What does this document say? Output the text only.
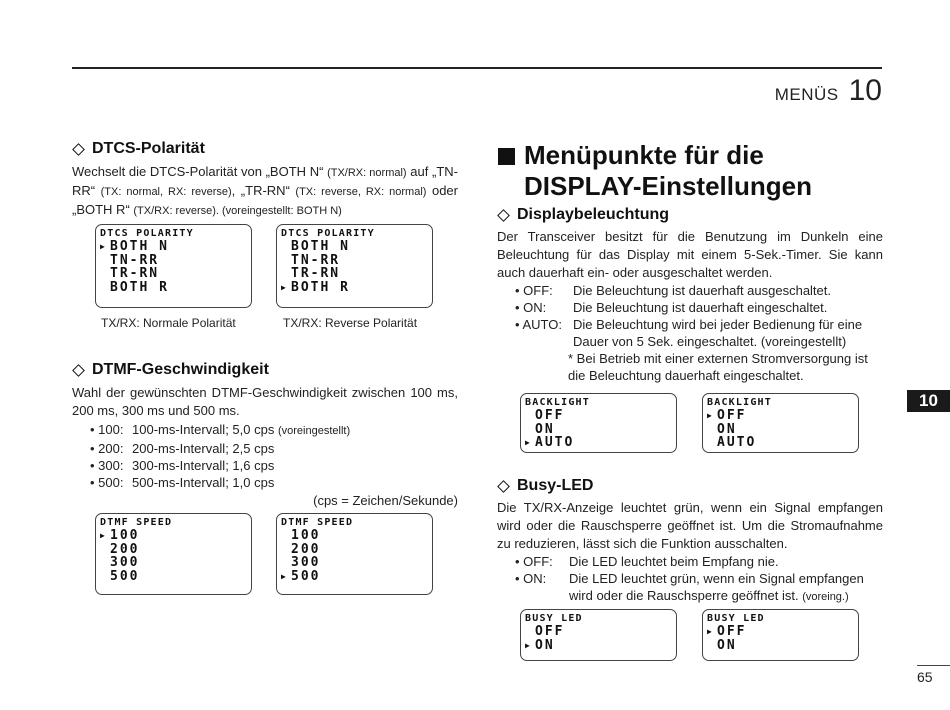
MENÜS 10
10
65
DTCS-Polarität

Wechselt die DTCS-Polarität von „BOTH N“ (TX/RX: normal) auf „TN-RR“ (TX: normal, RX: reverse), „TR-RN“ (TX: reverse, RX: normal) oder „BOTH R“ (TX/RX: reverse). (voreingestellt: BOTH N)

DTCS POLARITY
▶ BOTH N
TN-RR
TR-RN
BOTH R
DTCS POLARITY
BOTH N
TN-RR
TR-RN
▶ BOTH R
TX/RX: Normale Polarität	TX/RX: Reverse Polarität
DTMF-Geschwindigkeit

Wahl der gewünschten DTMF-Geschwindigkeit zwischen 100 ms, 200 ms, 300 ms und 500 ms.

• 100: 100-ms-Intervall; 5,0 cps (voreingestellt)
• 200: 200-ms-Intervall; 2,5 cps
• 300: 300-ms-Intervall; 1,6 cps
• 500: 500-ms-Intervall; 1,0 cps
(cps = Zeichen/Sekunde)
DTMF SPEED
▶ 100
200
300
500
DTMF SPEED
100
200
300
▶ 500
Menüpunkte für die
DISPLAY-Einstellungen
Displaybeleuchtung

Der Transceiver besitzt für die Benutzung im Dunkeln eine Beleuchtung für das Display mit einem 5-Sek.-Timer. Sie kann auch dauerhaft ein- oder ausgeschaltet werden.

• OFF:	Die Beleuchtung ist dauerhaft ausgeschaltet.
• ON:	Die Beleuchtung ist dauerhaft eingeschaltet.
• AUTO: Die Beleuchtung wird bei jeder Bedienung für eine Dauer von 5 Sek. eingeschaltet. (voreingestellt)
* Bei Betrieb mit einer externen Stromversorgung ist die Beleuchtung dauerhaft eingeschaltet.
BACKLIGHT
OFF
ON
▶ AUTO
BACKLIGHT
▶ OFF
ON
AUTO
Busy-LED

Die TX/RX-Anzeige leuchtet grün, wenn ein Signal empfangen wird oder die Rauschsperre geöffnet ist. Um die Stromaufnahme zu reduzieren, lässt sich die Funktion ausschalten.

• OFF:	Die LED leuchtet beim Empfang nie.
• ON:	Die LED leuchtet grün, wenn ein Signal empfangen wird oder die Rauschsperre geöffnet ist. (voreing.)
BUSY LED
OFF
▶ ON
BUSY LED
▶ OFF
ON
